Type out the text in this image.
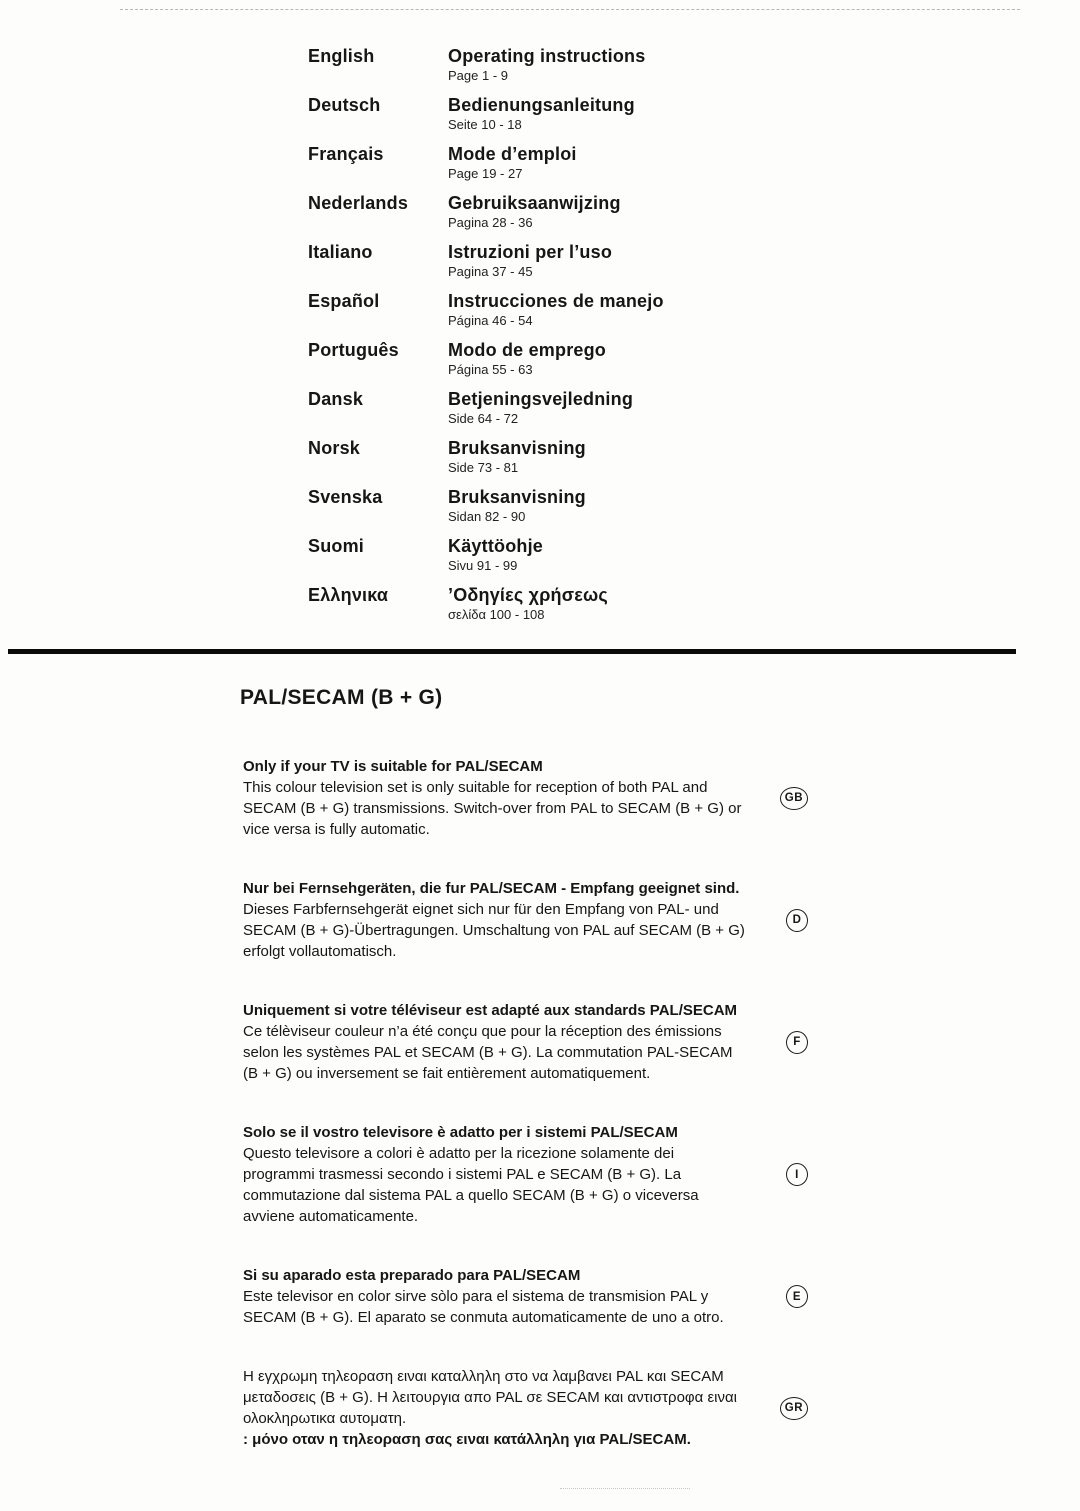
English	Operating instructions
Page 1 - 9
Deutsch	Bedienungsanleitung
Seite 10 - 18
Français	Mode d’emploi
Page 19 - 27
Nederlands	Gebruiksaanwijzing
Pagina 28 - 36
Italiano	Istruzioni per l’uso
Pagina 37 - 45
Español	Instrucciones de manejo
Página 46 - 54
Português	Modo de emprego
Página 55 - 63
Dansk	Betjeningsvejledning
Side 64 - 72
Norsk	Bruksanvisning
Side 73 - 81
Svenska	Bruksanvisning
Sidan 82 - 90
Suomi	Käyttöohje
Sivu 91 - 99
Ελληνικα	’Οδηγίες χρήσεως
σελίδα 100 - 108
PAL/SECAM (B + G)
Only if your TV is suitable for PAL/SECAM
This colour television set is only suitable for reception of both PAL and SECAM (B + G) transmissions. Switch-over from PAL to SECAM (B + G) or vice versa is fully automatic.
GB
Nur bei Fernsehgeräten, die fur PAL/SECAM - Empfang geeignet sind.
Dieses Farbfernsehgerät eignet sich nur für den Empfang von PAL- und SECAM (B + G)-Übertragungen. Umschaltung von PAL auf SECAM (B + G) erfolgt vollautomatisch.
D
Uniquement si votre téléviseur est adapté aux standards PAL/SECAM
Ce télèviseur couleur n’a été conçu que pour la réception des émissions selon les systèmes PAL et SECAM (B + G). La commutation PAL-SECAM (B + G) ou inversement se fait entièrement automatiquement.
F
Solo se il vostro televisore è adatto per i sistemi PAL/SECAM
Questo televisore a colori è adatto per la ricezione solamente dei programmi trasmessi secondo i sistemi PAL e SECAM (B + G). La commutazione dal sistema PAL a quello SECAM (B + G) o viceversa avviene automaticamente.
I
Si su aparado esta preparado para PAL/SECAM
Este televisor en color sirve sòlo para el sistema de transmision PAL y SECAM (B + G). El aparato se conmuta automaticamente de uno a otro.
E
Η εγχρωμη τηλεοραση ειναι καταλληλη στο να λαμβανει PAL και SECAM μεταδοσεις (B + G). Η λειτουργια απο PAL σε SECAM και αντιστροφα ειναι ολοκληρωτικα αυτοματη.
: μόνο οταν η τηλεοραση σας ειναι κατάλληλη για PAL/SECAM.
GR
